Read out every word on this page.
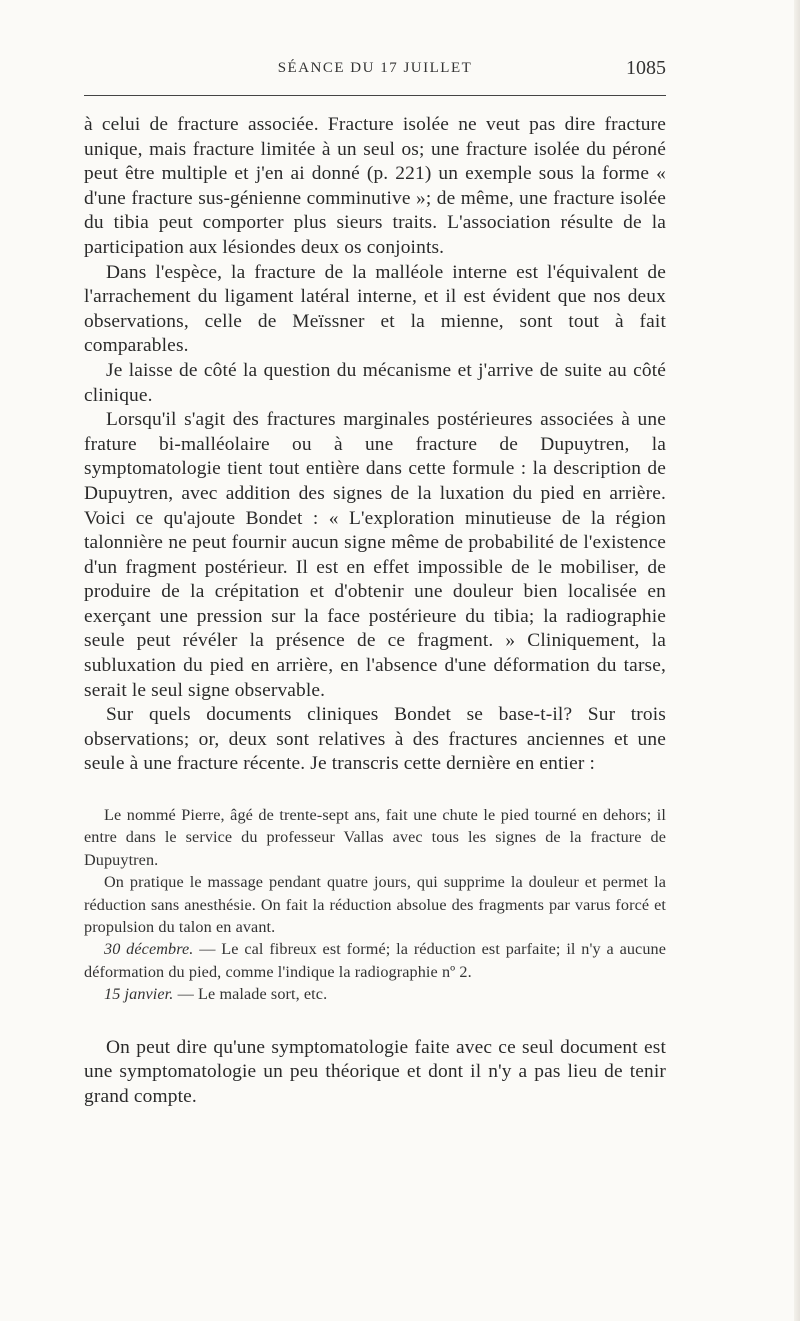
SÉANCE DU 17 JUILLET	1085

à celui de fracture associée. Fracture isolée ne veut pas dire fracture unique, mais fracture limitée à un seul os; une fracture isolée du péroné peut être multiple et j'en ai donné (p. 221) un exemple sous la forme « d'une fracture sus-génienne comminutive »; de même, une fracture isolée du tibia peut comporter plus sieurs traits. L'association résulte de la participation aux lésiondes deux os conjoints.

Dans l'espèce, la fracture de la malléole interne est l'équivalent de l'arrachement du ligament latéral interne, et il est évident que nos deux observations, celle de Meïssner et la mienne, sont tout à fait comparables.

Je laisse de côté la question du mécanisme et j'arrive de suite au côté clinique.

Lorsqu'il s'agit des fractures marginales postérieures associées à une frature bi-malléolaire ou à une fracture de Dupuytren, la symptomatologie tient tout entière dans cette formule : la description de Dupuytren, avec addition des signes de la luxation du pied en arrière. Voici ce qu'ajoute Bondet : « L'exploration minutieuse de la région talonnière ne peut fournir aucun signe même de probabilité de l'existence d'un fragment postérieur. Il est en effet impossible de le mobiliser, de produire de la crépitation et d'obtenir une douleur bien localisée en exerçant une pression sur la face postérieure du tibia; la radiographie seule peut révéler la présence de ce fragment. » Cliniquement, la subluxation du pied en arrière, en l'absence d'une déformation du tarse, serait le seul signe observable.

Sur quels documents cliniques Bondet se base-t-il? Sur trois observations; or, deux sont relatives à des fractures anciennes et une seule à une fracture récente. Je transcris cette dernière en entier :

Le nommé Pierre, âgé de trente-sept ans, fait une chute le pied tourné en dehors; il entre dans le service du professeur Vallas avec tous les signes de la fracture de Dupuytren.

On pratique le massage pendant quatre jours, qui supprime la douleur et permet la réduction sans anesthésie. On fait la réduction absolue des fragments par varus forcé et propulsion du talon en avant.

30 décembre. — Le cal fibreux est formé; la réduction est parfaite; il n'y a aucune déformation du pied, comme l'indique la radiographie nº 2.

15 janvier. — Le malade sort, etc.

On peut dire qu'une symptomatologie faite avec ce seul document est une symptomatologie un peu théorique et dont il n'y a pas lieu de tenir grand compte.
